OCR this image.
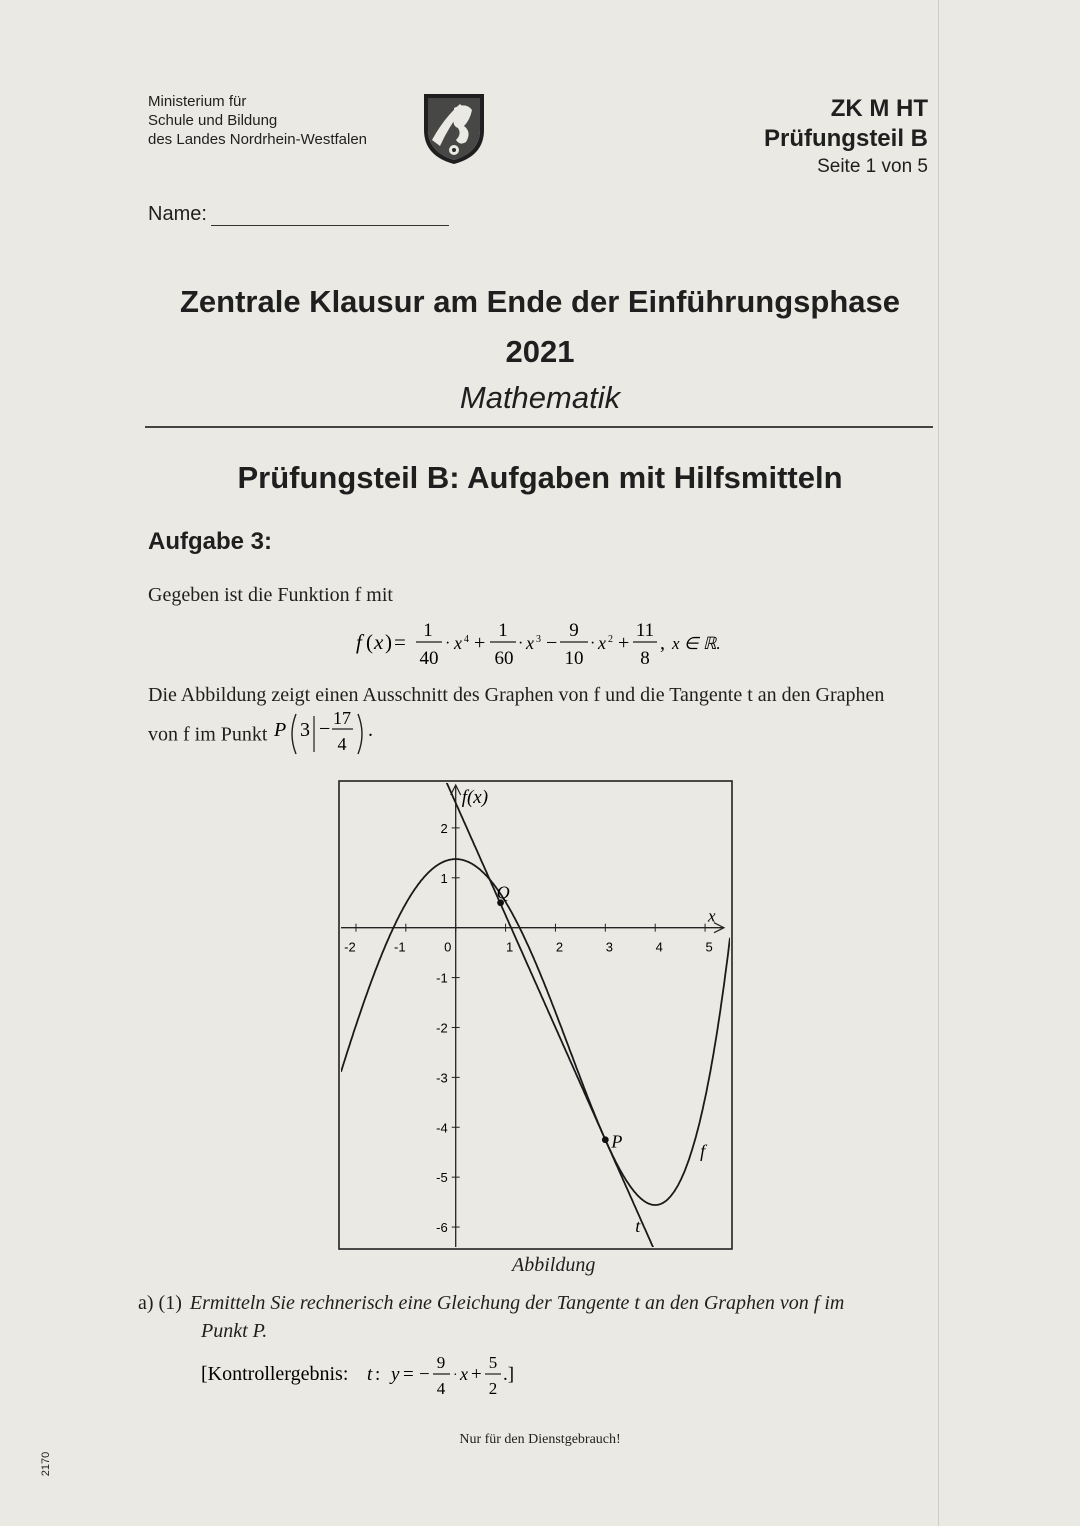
Ministerium für
Schule und Bildung
des Landes Nordrhein-Westfalen
ZK M HT
Prüfungsteil B
Seite 1 von 5
Name:
Zentrale Klausur am Ende der Einführungsphase
2021
Mathematik
Prüfungsteil B: Aufgaben mit Hilfsmitteln
Aufgabe 3:
Gegeben ist die Funktion f mit
f ( x ) = 1
40
· x 4 +
1
60
· x 3 −
9
10
· x 2 +
11
8
, x ∈ ℝ.
Die Abbildung zeigt einen Ausschnitt des Graphen von f und die Tangente t an den Graphen
von f im Punkt P 3 − 17
4
.
x
f(x)
-2	-1	0	1	2	3	4	5
2
1
-1
-2
-3
-4
-5
-6
f
t
Q
P
Abbildung
a) (1) Ermitteln Sie rechnerisch eine Gleichung der Tangente t an den Graphen von f im
Punkt P.
[Kontrollergebnis: t : y = −
9
4
· x +
5
2
.]
Nur für den Dienstgebrauch!
2170
